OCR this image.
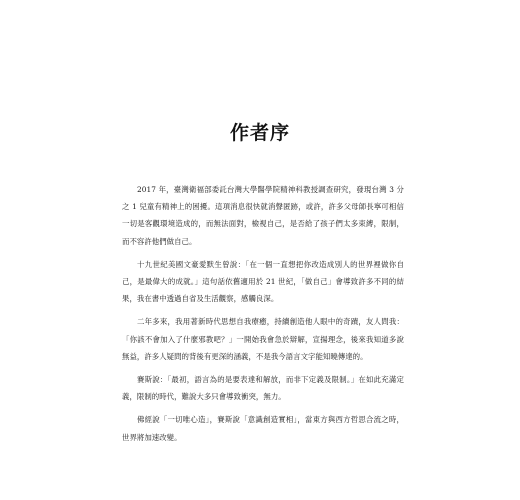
作者序

2017 年，臺灣衛福部委託台灣大學醫學院精神科教授調查研究，發現台灣 3 分之 1 兒童有精神上的困擾。這項消息很快就消聲匿跡，或許，許多父母師長寧可相信一切是客觀環境造成的，而無法面對，檢視自己，是否給了孩子們太多束縛，限制，而不容許他們做自己。

十九世紀美國文豪愛默生曾說：「在一個一直想把你改造成別人的世界裡做你自己，是最偉大的成就。」這句話依舊適用於 21 世紀，「做自己」會導致許多不同的結果，我在書中透過自省及生活觀察，感觸良深。

二年多來，我用著新時代思想自我療癒，持續創造他人眼中的奇蹟，友人問我：「你該不會加入了什麼邪教吧？」一開始我會急於辯解，宣揚理念，後來我知道多說無益，許多人疑問的背後有更深的涵義，不是我今語言文字能知曉傳達的。

賽斯說：「最初，語言為的是要表達和解放，而非下定義及限制。」在如此充滿定義，限制的時代，難說大多只會導致衝突，無力。

佛經說「一切唯心造」，賽斯說「意識創造實相」，當東方與西方哲思合流之時，世界將加速改變。
